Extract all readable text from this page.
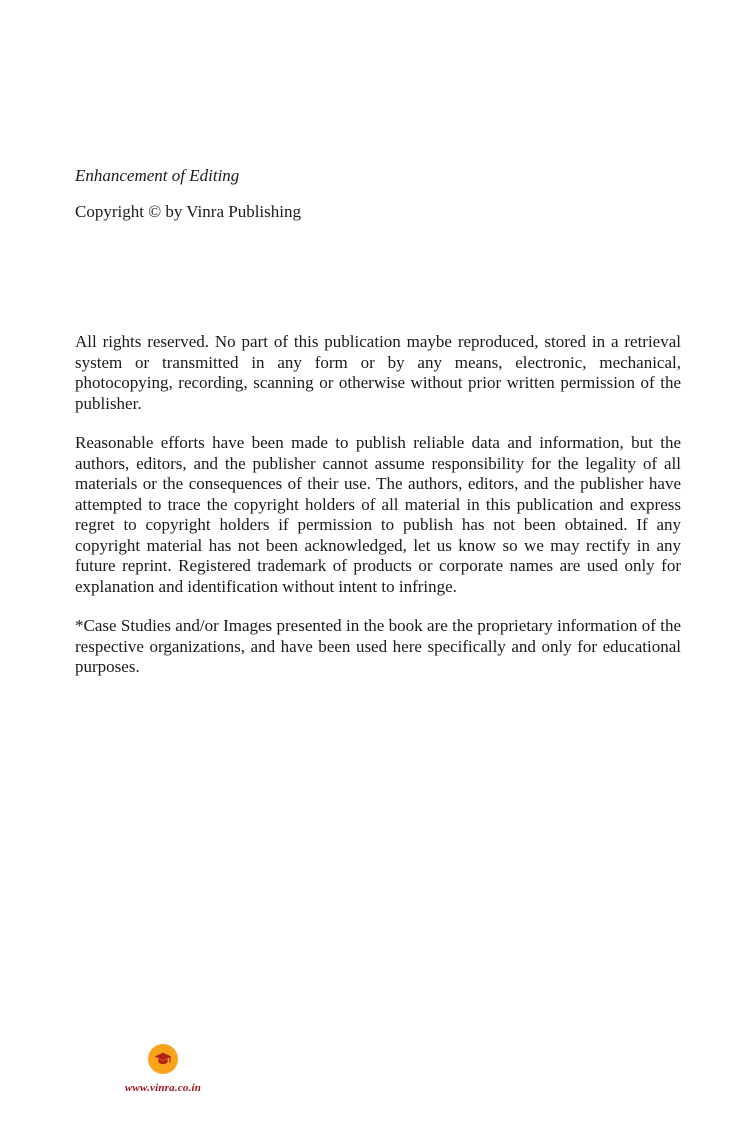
Enhancement of Editing

Copyright © by Vinra Publishing

All rights reserved. No part of this publication maybe reproduced, stored in a retrieval system or transmitted in any form or by any means, electronic, mechanical, photocopying, recording, scanning or otherwise without prior written permission of the publisher.

Reasonable efforts have been made to publish reliable data and information, but the authors, editors, and the publisher cannot assume responsibility for the legality of all materials or the consequences of their use. The authors, editors, and the publisher have attempted to trace the copyright holders of all material in this publication and express regret to copyright holders if permission to publish has not been obtained. If any copyright material has not been acknowledged, let us know so we may rectify in any future reprint. Registered trademark of products or corporate names are used only for explanation and identification without intent to infringe.

*Case Studies and/or Images presented in the book are the proprietary information of the respective organizations, and have been used here specifically and only for educational purposes.

www.vinra.co.in
